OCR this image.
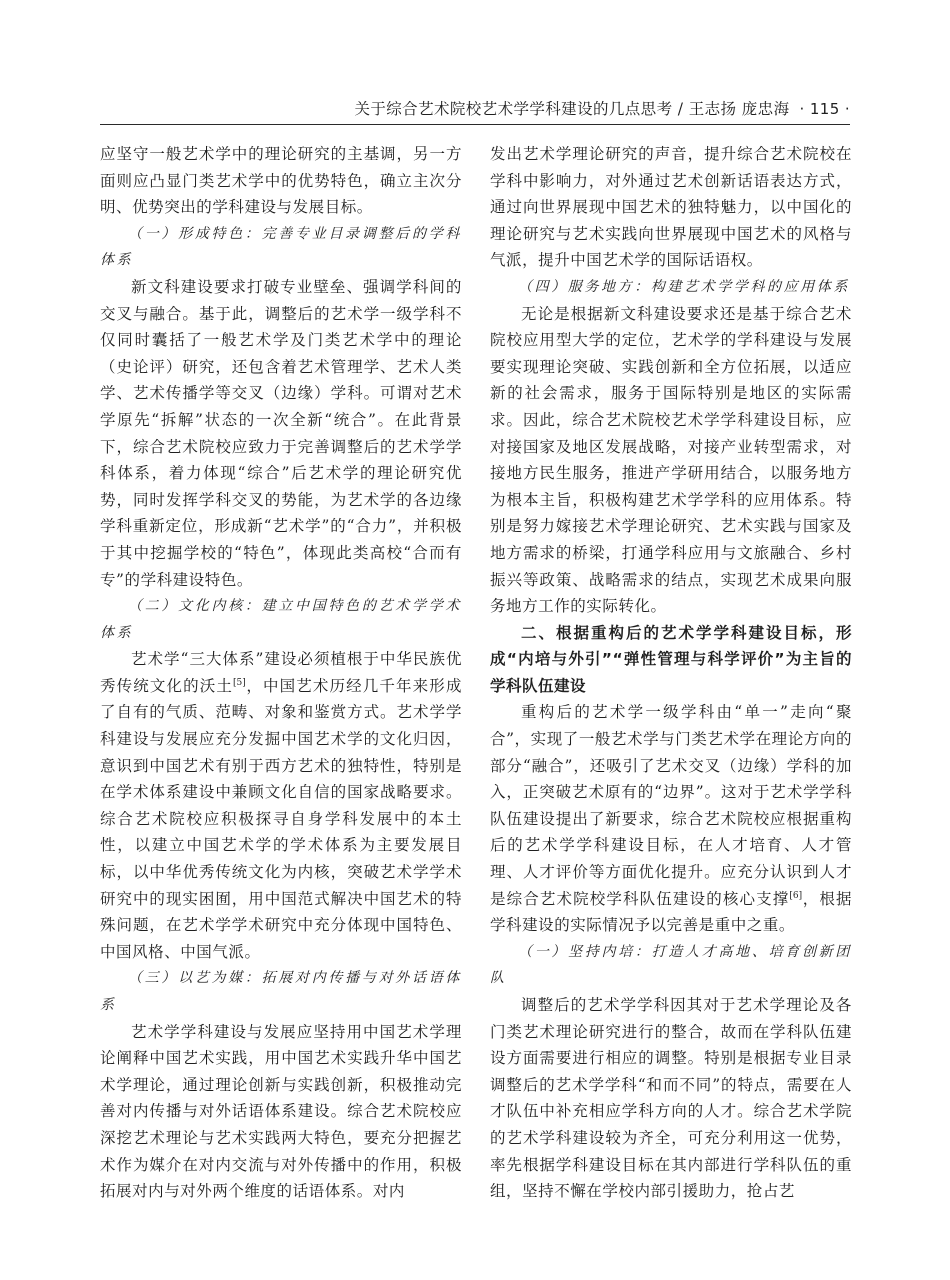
关于综合艺术院校艺术学学科建设的几点思考 / 王志扬 庞忠海 · 115 ·

应坚守一般艺术学中的理论研究的主基调，另一方面则应凸显门类艺术学中的优势特色，确立主次分明、优势突出的学科建设与发展目标。

（一）形成特色：完善专业目录调整后的学科体系

新文科建设要求打破专业壁垒、强调学科间的交叉与融合。基于此，调整后的艺术学一级学科不仅同时囊括了一般艺术学及门类艺术学中的理论（史论评）研究，还包含着艺术管理学、艺术人类学、艺术传播学等交叉（边缘）学科。可谓对艺术学原先“拆解”状态的一次全新“统合”。在此背景下，综合艺术院校应致力于完善调整后的艺术学学科体系，着力体现“综合”后艺术学的理论研究优势，同时发挥学科交叉的势能，为艺术学的各边缘学科重新定位，形成新“艺术学”的“合力”，并积极于其中挖掘学校的“特色”，体现此类高校“合而有专”的学科建设特色。

（二）文化内核：建立中国特色的艺术学学术体系

艺术学“三大体系”建设必须植根于中华民族优秀传统文化的沃土[5]，中国艺术历经几千年来形成了自有的气质、范畴、对象和鉴赏方式。艺术学学科建设与发展应充分发掘中国艺术学的文化归因，意识到中国艺术有别于西方艺术的独特性，特别是在学术体系建设中兼顾文化自信的国家战略要求。综合艺术院校应积极探寻自身学科发展中的本土性，以建立中国艺术学的学术体系为主要发展目标，以中华优秀传统文化为内核，突破艺术学学术研究中的现实困囿，用中国范式解决中国艺术的特殊问题，在艺术学学术研究中充分体现中国特色、中国风格、中国气派。

（三）以艺为媒：拓展对内传播与对外话语体系

艺术学学科建设与发展应坚持用中国艺术学理论阐释中国艺术实践，用中国艺术实践升华中国艺术学理论，通过理论创新与实践创新，积极推动完善对内传播与对外话语体系建设。综合艺术院校应深挖艺术理论与艺术实践两大特色，要充分把握艺术作为媒介在对内交流与对外传播中的作用，积极拓展对内与对外两个维度的话语体系。对内

发出艺术学理论研究的声音，提升综合艺术院校在学科中影响力，对外通过艺术创新话语表达方式，通过向世界展现中国艺术的独特魅力，以中国化的理论研究与艺术实践向世界展现中国艺术的风格与气派，提升中国艺术学的国际话语权。

（四）服务地方：构建艺术学学科的应用体系

无论是根据新文科建设要求还是基于综合艺术院校应用型大学的定位，艺术学的学科建设与发展要实现理论突破、实践创新和全方位拓展，以适应新的社会需求，服务于国际特别是地区的实际需求。因此，综合艺术院校艺术学学科建设目标，应对接国家及地区发展战略，对接产业转型需求，对接地方民生服务，推进产学研用结合，以服务地方为根本主旨，积极构建艺术学学科的应用体系。特别是努力嫁接艺术学理论研究、艺术实践与国家及地方需求的桥梁，打通学科应用与文旅融合、乡村振兴等政策、战略需求的结点，实现艺术成果向服务地方工作的实际转化。

二、根据重构后的艺术学学科建设目标，形成“内培与外引”“弹性管理与科学评价”为主旨的学科队伍建设

重构后的艺术学一级学科由“单一”走向“聚合”，实现了一般艺术学与门类艺术学在理论方向的部分“融合”，还吸引了艺术交叉（边缘）学科的加入，正突破艺术原有的“边界”。这对于艺术学学科队伍建设提出了新要求，综合艺术院校应根据重构后的艺术学学科建设目标，在人才培育、人才管理、人才评价等方面优化提升。应充分认识到人才是综合艺术院校学科队伍建设的核心支撑[6]，根据学科建设的实际情况予以完善是重中之重。

（一）坚持内培：打造人才高地、培育创新团队

调整后的艺术学学科因其对于艺术学理论及各门类艺术理论研究进行的整合，故而在学科队伍建设方面需要进行相应的调整。特别是根据专业目录调整后的艺术学学科“和而不同”的特点，需要在人才队伍中补充相应学科方向的人才。综合艺术学院的艺术学科建设较为齐全，可充分利用这一优势，率先根据学科建设目标在其内部进行学科队伍的重组，坚持不懈在学校内部引援助力，抢占艺
